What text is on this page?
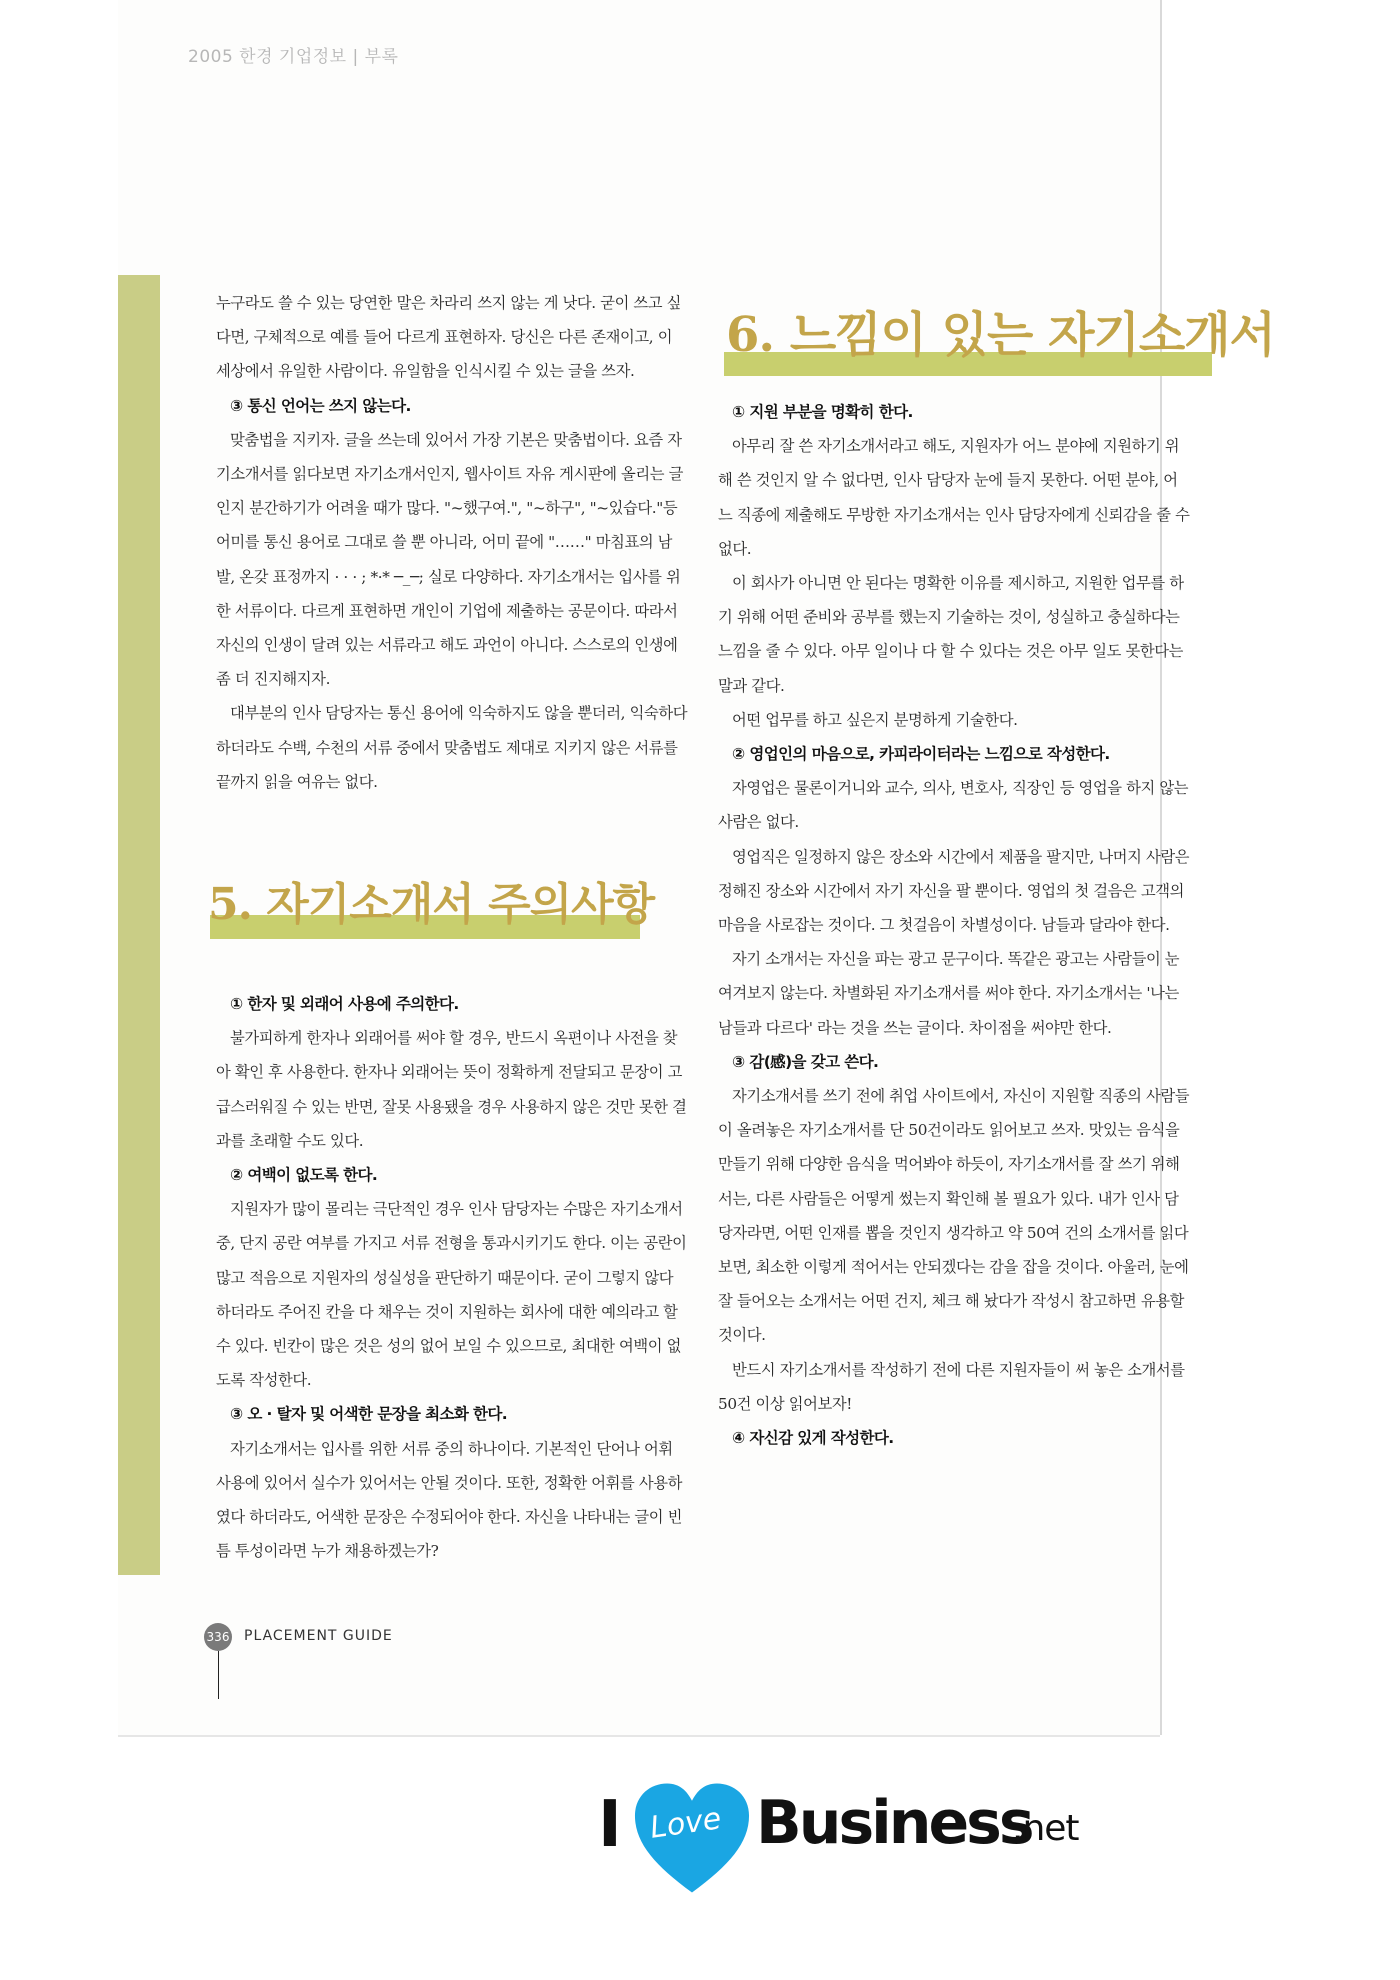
2005 한경 기업정보 | 부록

누구라도 쓸 수 있는 당연한 말은 차라리 쓰지 않는 게 낫다. 굳이 쓰고 싶다면, 구체적으로 예를 들어 다르게 표현하자. 당신은 다른 존재이고, 이 세상에서 유일한 사람이다. 유일함을 인식시킬 수 있는 글을 쓰자.

③ 통신 언어는 쓰지 않는다.

맞춤법을 지키자. 글을 쓰는데 있어서 가장 기본은 맞춤법이다. 요즘 자기소개서를 읽다보면 자기소개서인지, 웹사이트 자유 게시판에 올리는 글인지 분간하기가 어려울 때가 많다. "~했구여.", "~하구", "~있습다."등 어미를 통신 용어로 그대로 쓸 뿐 아니라, 어미 끝에 "……" 마침표의 남발, 온갖 표정까지 · · · ; *·* ─_─; 실로 다양하다. 자기소개서는 입사를 위한 서류이다. 다르게 표현하면 개인이 기업에 제출하는 공문이다. 따라서 자신의 인생이 달려 있는 서류라고 해도 과언이 아니다. 스스로의 인생에 좀 더 진지해지자.

대부분의 인사 담당자는 통신 용어에 익숙하지도 않을 뿐더러, 익숙하다 하더라도 수백, 수천의 서류 중에서 맞춤법도 제대로 지키지 않은 서류를 끝까지 읽을 여유는 없다.

5. 자기소개서 주의사항

① 한자 및 외래어 사용에 주의한다.

불가피하게 한자나 외래어를 써야 할 경우, 반드시 옥편이나 사전을 찾아 확인 후 사용한다. 한자나 외래어는 뜻이 정확하게 전달되고 문장이 고급스러워질 수 있는 반면, 잘못 사용됐을 경우 사용하지 않은 것만 못한 결과를 초래할 수도 있다.

② 여백이 없도록 한다.

지원자가 많이 몰리는 극단적인 경우 인사 담당자는 수많은 자기소개서 중, 단지 공란 여부를 가지고 서류 전형을 통과시키기도 한다. 이는 공란이 많고 적음으로 지원자의 성실성을 판단하기 때문이다. 굳이 그렇지 않다 하더라도 주어진 칸을 다 채우는 것이 지원하는 회사에 대한 예의라고 할 수 있다. 빈칸이 많은 것은 성의 없어 보일 수 있으므로, 최대한 여백이 없도록 작성한다.

③ 오 · 탈자 및 어색한 문장을 최소화 한다.

자기소개서는 입사를 위한 서류 중의 하나이다. 기본적인 단어나 어휘 사용에 있어서 실수가 있어서는 안될 것이다. 또한, 정확한 어휘를 사용하였다 하더라도, 어색한 문장은 수정되어야 한다. 자신을 나타내는 글이 빈틈 투성이라면 누가 채용하겠는가?

6. 느낌이 있는 자기소개서

① 지원 부분을 명확히 한다.

아무리 잘 쓴 자기소개서라고 해도, 지원자가 어느 분야에 지원하기 위해 쓴 것인지 알 수 없다면, 인사 담당자 눈에 들지 못한다. 어떤 분야, 어느 직종에 제출해도 무방한 자기소개서는 인사 담당자에게 신뢰감을 줄 수 없다.

이 회사가 아니면 안 된다는 명확한 이유를 제시하고, 지원한 업무를 하기 위해 어떤 준비와 공부를 했는지 기술하는 것이, 성실하고 충실하다는 느낌을 줄 수 있다. 아무 일이나 다 할 수 있다는 것은 아무 일도 못한다는 말과 같다.

어떤 업무를 하고 싶은지 분명하게 기술한다.

② 영업인의 마음으로, 카피라이터라는 느낌으로 작성한다.

자영업은 물론이거니와 교수, 의사, 변호사, 직장인 등 영업을 하지 않는 사람은 없다.

영업직은 일정하지 않은 장소와 시간에서 제품을 팔지만, 나머지 사람은 정해진 장소와 시간에서 자기 자신을 팔 뿐이다. 영업의 첫 걸음은 고객의 마음을 사로잡는 것이다. 그 첫걸음이 차별성이다. 남들과 달라야 한다.

자기 소개서는 자신을 파는 광고 문구이다. 똑같은 광고는 사람들이 눈여겨보지 않는다. 차별화된 자기소개서를 써야 한다. 자기소개서는 '나는 남들과 다르다' 라는 것을 쓰는 글이다. 차이점을 써야만 한다.

③ 감(感)을 갖고 쓴다.

자기소개서를 쓰기 전에 취업 사이트에서, 자신이 지원할 직종의 사람들이 올려놓은 자기소개서를 단 50건이라도 읽어보고 쓰자. 맛있는 음식을 만들기 위해 다양한 음식을 먹어봐야 하듯이, 자기소개서를 잘 쓰기 위해서는, 다른 사람들은 어떻게 썼는지 확인해 볼 필요가 있다. 내가 인사 담당자라면, 어떤 인재를 뽑을 것인지 생각하고 약 50여 건의 소개서를 읽다보면, 최소한 이렇게 적어서는 안되겠다는 감을 잡을 것이다. 아울러, 눈에 잘 들어오는 소개서는 어떤 건지, 체크 해 놨다가 작성시 참고하면 유용할 것이다.

반드시 자기소개서를 작성하기 전에 다른 지원자들이 써 놓은 소개서를 50건 이상 읽어보자!

④ 자신감 있게 작성한다.

336 PLACEMENT GUIDE
I Love Business
.net
